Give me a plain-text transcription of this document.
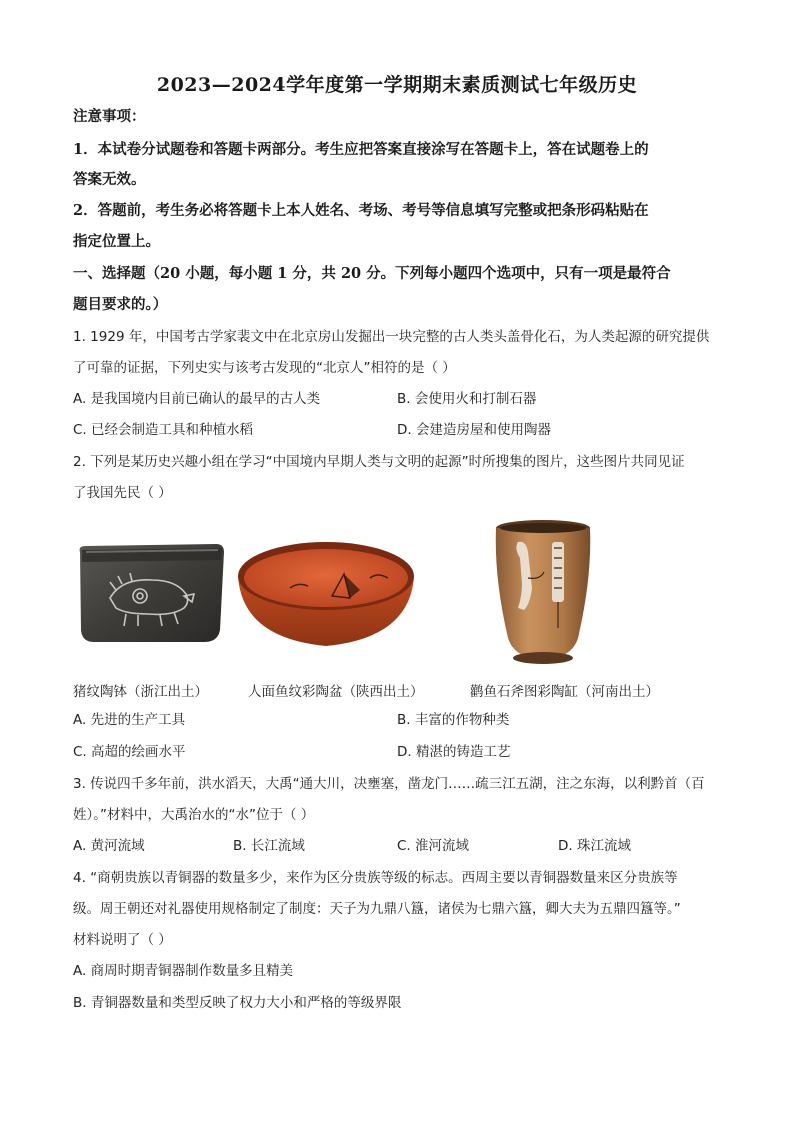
2023—2024学年度第一学期期末素质测试七年级历史
注意事项：
1．本试卷分试题卷和答题卡两部分。考生应把答案直接涂写在答题卡上，答在试题卷上的
答案无效。
2．答题前，考生务必将答题卡上本人姓名、考场、考号等信息填写完整或把条形码粘贴在
指定位置上。
一、选择题（20 小题，每小题 1 分，共 20 分。下列每小题四个选项中，只有一项是最符合
题目要求的。）
1. 1929 年，中国考古学家裴文中在北京房山发掘出一块完整的古人类头盖骨化石，为人类起源的研究提供
了可靠的证据，下列史实与该考古发现的“北京人”相符的是（ ）
A. 是我国境内目前已确认的最早的古人类	B. 会使用火和打制石器
C. 已经会制造工具和种植水稻	D. 会建造房屋和使用陶器
2. 下列是某历史兴趣小组在学习“中国境内早期人类与文明的起源”时所搜集的图片，这些图片共同见证
了我国先民（ ）
猪纹陶钵（浙江出土）	人面鱼纹彩陶盆（陕西出土）	鹳鱼石斧图彩陶缸（河南出土）
A. 先进的生产工具	B. 丰富的作物种类
C. 高超的绘画水平	D. 精湛的铸造工艺
3. 传说四千多年前，洪水滔天，大禹“通大川，决壅塞，凿龙门……疏三江五湖，注之东海，以利黔首（百
姓）。”材料中，大禹治水的“水”位于（ ）
A. 黄河流域	B. 长江流域	C. 淮河流域	D. 珠江流域
4. “商朝贵族以青铜器的数量多少，来作为区分贵族等级的标志。西周主要以青铜器数量来区分贵族等
级。周王朝还对礼器使用规格制定了制度：天子为九鼎八簋，诸侯为七鼎六簋，卿大夫为五鼎四簋等。”
材料说明了（ ）
A. 商周时期青铜器制作数量多且精美
B. 青铜器数量和类型反映了权力大小和严格的等级界限
